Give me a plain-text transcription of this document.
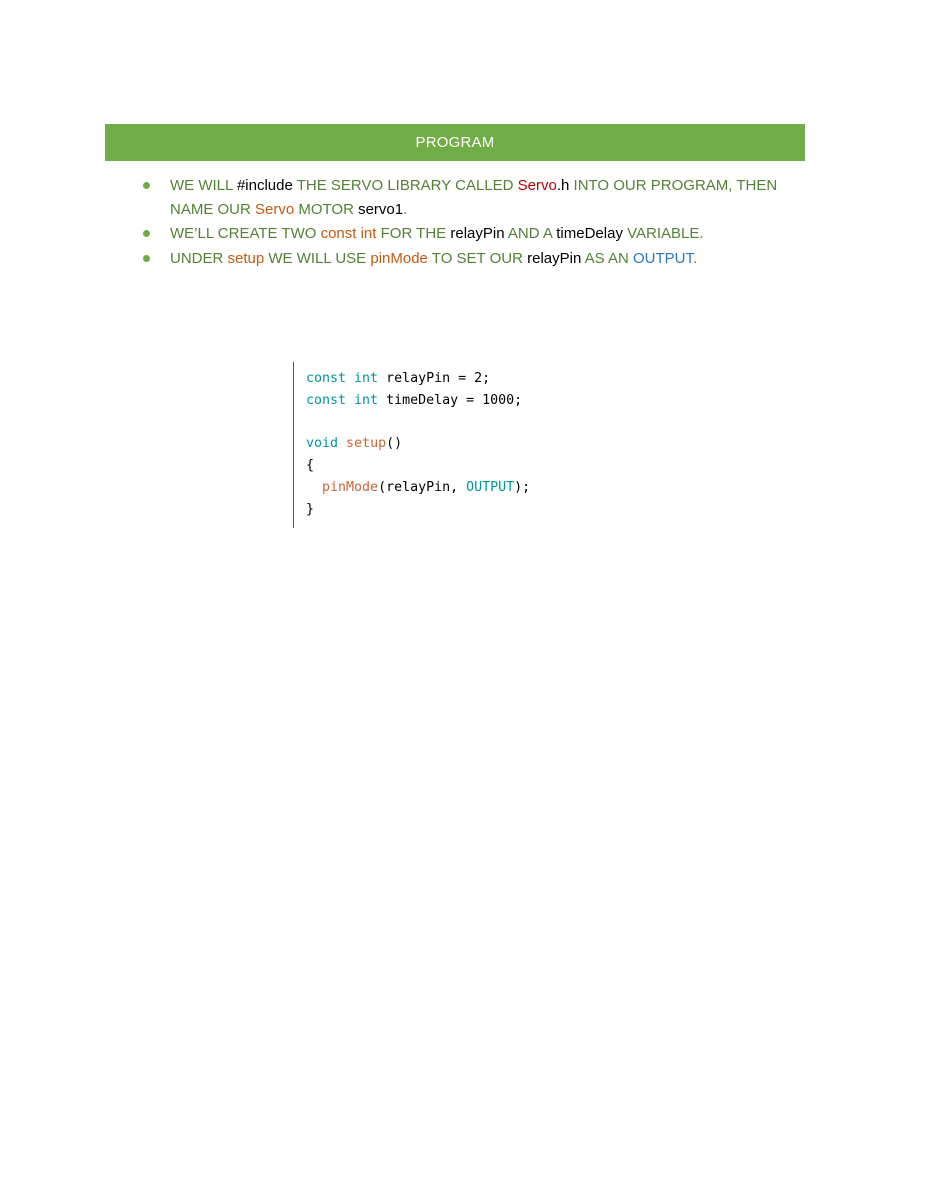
PROGRAM
WE WILL #include THE SERVO LIBRARY CALLED Servo.h INTO OUR PROGRAM, THEN NAME OUR Servo MOTOR servo1.
WE’LL CREATE TWO const int FOR THE relayPin AND A timeDelay VARIABLE.
UNDER setup WE WILL USE pinMode TO SET OUR relayPin AS AN OUTPUT.
const int relayPin = 2;
const int timeDelay = 1000;

void setup()
{
pinMode(relayPin, OUTPUT);
}
